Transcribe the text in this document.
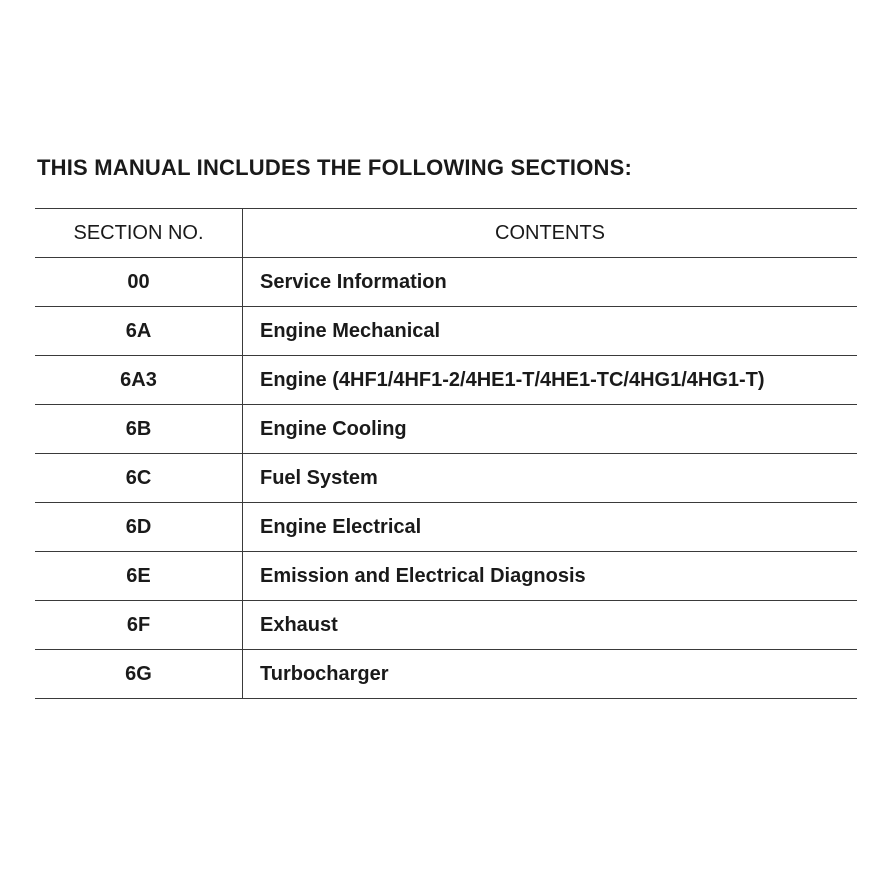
THIS MANUAL INCLUDES THE FOLLOWING SECTIONS:
SECTION NO.	CONTENTS
00	Service Information
6A	Engine Mechanical
6A3	Engine (4HF1/4HF1-2/4HE1-T/4HE1-TC/4HG1/4HG1-T)
6B	Engine Cooling
6C	Fuel System
6D	Engine Electrical
6E	Emission and Electrical Diagnosis
6F	Exhaust
6G	Turbocharger
